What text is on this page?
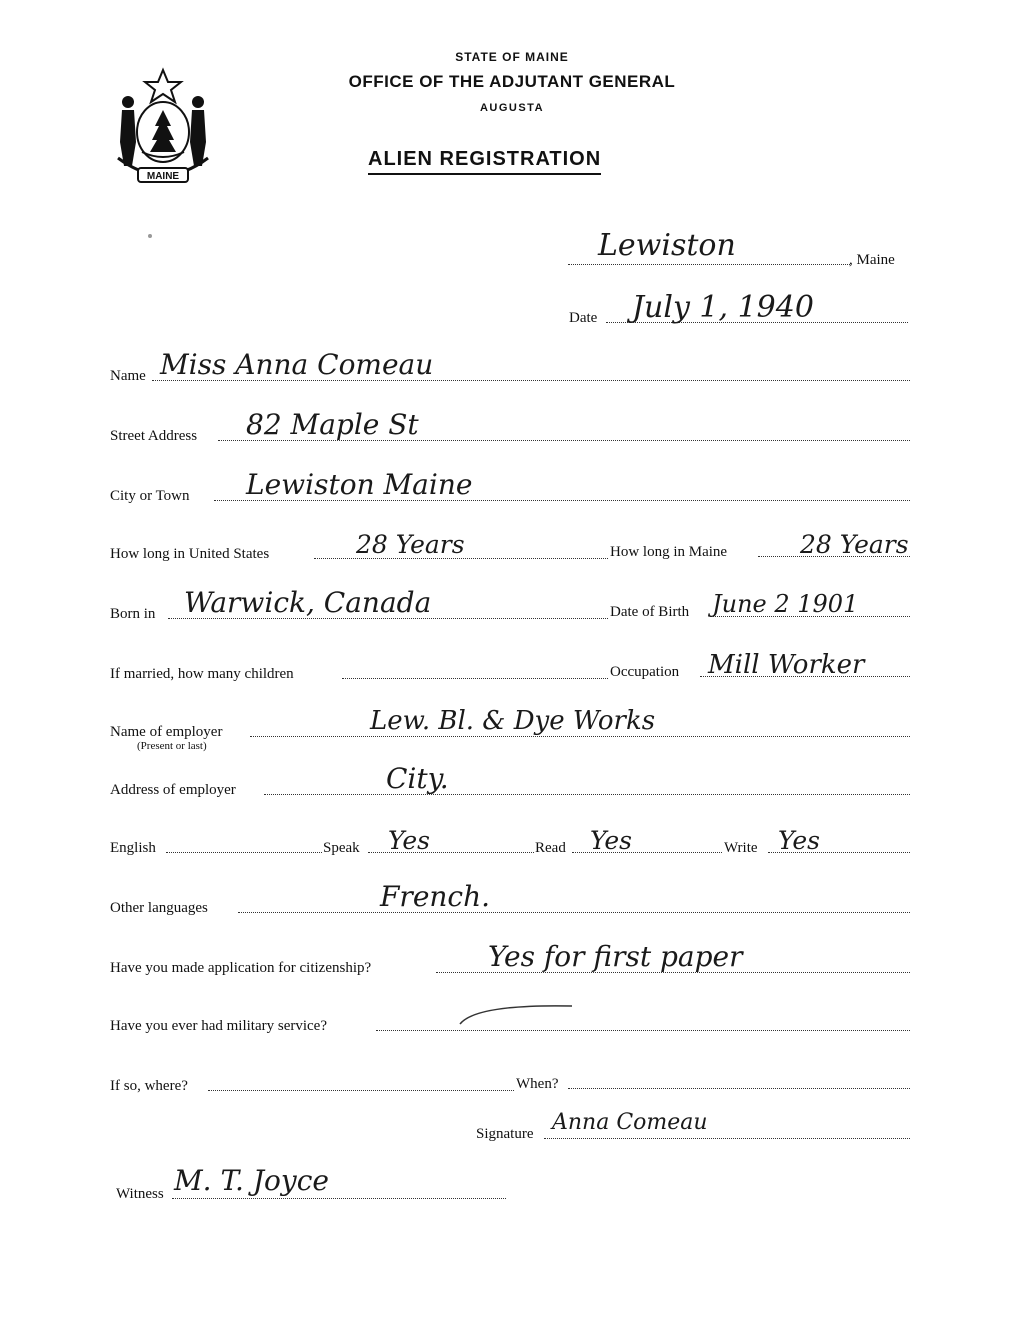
MAINE
STATE OF MAINE
OFFICE OF THE ADJUTANT GENERAL
AUGUSTA
ALIEN REGISTRATION
Lewiston	, Maine
Date July 1, 1940
Name Miss Anna Comeau
Street Address 82 Maple St
City or Town Lewiston Maine
How long in United States	28 Years	How long in Maine	28 Years
Born in Warwick, Canada	Date of Birth June 2 1901
If married, how many children	Occupation Mill Worker
Name of employer
(Present or last)
Lew. Bl. & Dye Works
Address of employer	City.
English	Speak Yes	Read Yes	Write Yes
Other languages	French.
Have you made application for citizenship?	Yes for first paper
Have you ever had military service?
If so, where?	When?
Signature Anna Comeau
Witness M. T. Joyce
